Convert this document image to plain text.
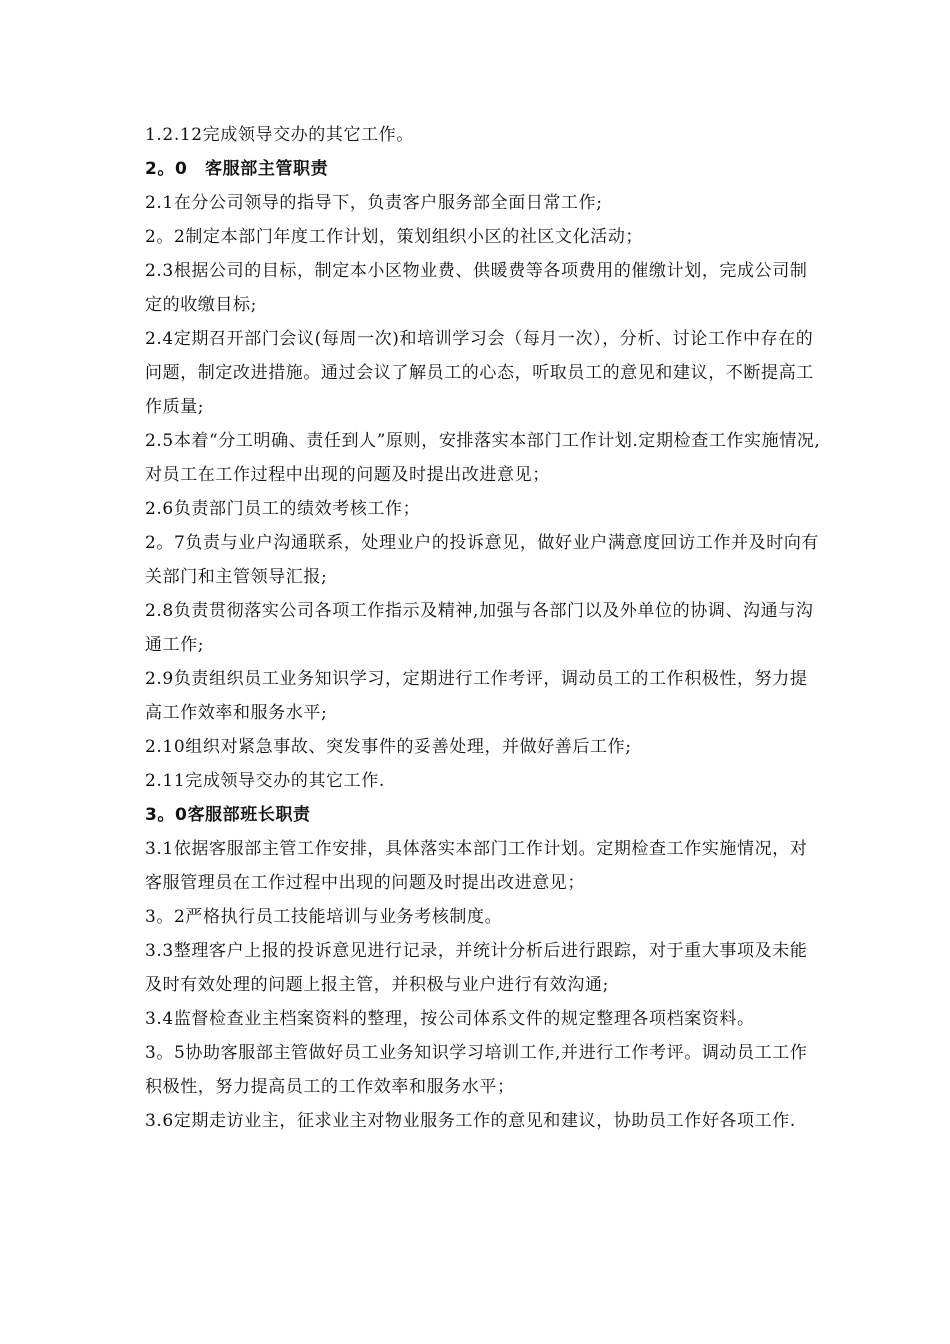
1.2.12完成领导交办的其它工作。

2。0　客服部主管职责

2.1在分公司领导的指导下，负责客户服务部全面日常工作;

2。2制定本部门年度工作计划，策划组织小区的社区文化活动；

2.3根据公司的目标，制定本小区物业费、供暖费等各项费用的催缴计划，完成公司制定的收缴目标;

2.4定期召开部门会议(每周一次)和培训学习会（每月一次），分析、讨论工作中存在的问题，制定改进措施。通过会议了解员工的心态，听取员工的意见和建议，不断提高工作质量;

2.5本着“分工明确、责任到人”原则，安排落实本部门工作计划.定期检查工作实施情况,对员工在工作过程中出现的问题及时提出改进意见；

2.6负责部门员工的绩效考核工作；

2。7负责与业户沟通联系，处理业户的投诉意见，做好业户满意度回访工作并及时向有关部门和主管领导汇报;

2.8负责贯彻落实公司各项工作指示及精神,加强与各部门以及外单位的协调、沟通与沟通工作;

2.9负责组织员工业务知识学习，定期进行工作考评，调动员工的工作积极性，努力提高工作效率和服务水平;

2.10组织对紧急事故、突发事件的妥善处理，并做好善后工作;

2.11完成领导交办的其它工作.

3。0客服部班长职责

3.1依据客服部主管工作安排，具体落实本部门工作计划。定期检查工作实施情况，对客服管理员在工作过程中出现的问题及时提出改进意见；

3。2严格执行员工技能培训与业务考核制度。

3.3整理客户上报的投诉意见进行记录，并统计分析后进行跟踪，对于重大事项及未能及时有效处理的问题上报主管，并积极与业户进行有效沟通;

3.4监督检查业主档案资料的整理，按公司体系文件的规定整理各项档案资料。

3。5协助客服部主管做好员工业务知识学习培训工作,并进行工作考评。调动员工工作积极性，努力提高员工的工作效率和服务水平；

3.6定期走访业主，征求业主对物业服务工作的意见和建议，协助员工作好各项工作.
